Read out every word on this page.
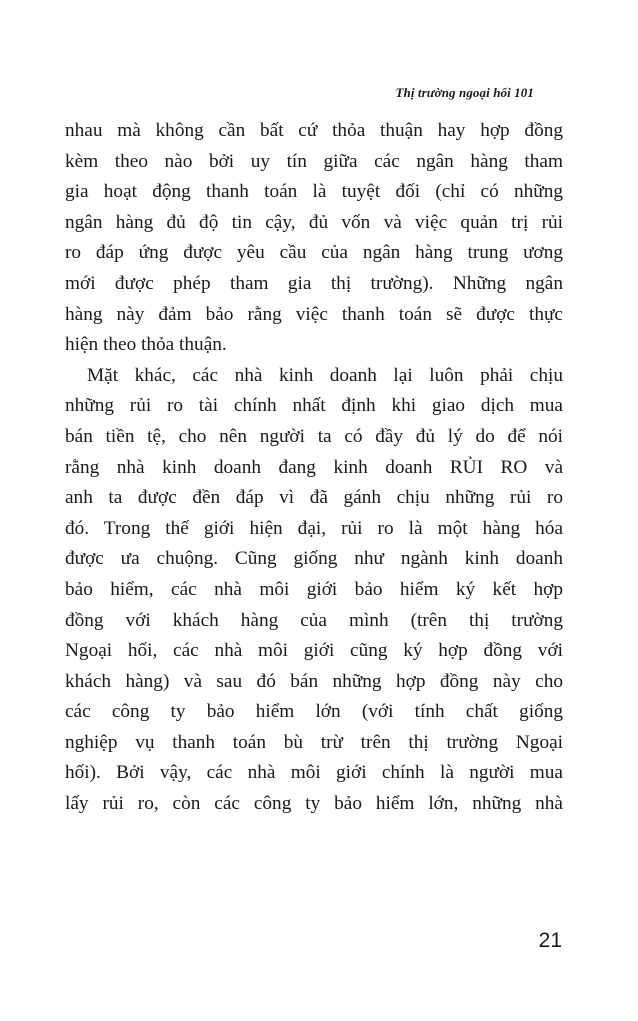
Thị trường ngoại hối 101
nhau mà không cần bất cứ thỏa thuận hay hợp đồng
kèm theo nào bởi uy tín giữa các ngân hàng tham
gia hoạt động thanh toán là tuyệt đối (chỉ có những
ngân hàng đủ độ tin cậy, đủ vốn và việc quản trị rủi
ro đáp ứng được yêu cầu của ngân hàng trung ương
mới được phép tham gia thị trường). Những ngân
hàng này đảm bảo rằng việc thanh toán sẽ được thực
hiện theo thỏa thuận.
Mặt khác, các nhà kinh doanh lại luôn phải chịu
những rủi ro tài chính nhất định khi giao dịch mua
bán tiền tệ, cho nên người ta có đầy đủ lý do để nói
rằng nhà kinh doanh đang kinh doanh RỦI RO và
anh ta được đền đáp vì đã gánh chịu những rủi ro
đó. Trong thế giới hiện đại, rủi ro là một hàng hóa
được ưa chuộng. Cũng giống như ngành kinh doanh
bảo hiểm, các nhà môi giới bảo hiểm ký kết hợp
đồng với khách hàng của mình (trên thị trường
Ngoại hối, các nhà môi giới cũng ký hợp đồng với
khách hàng) và sau đó bán những hợp đồng này cho
các công ty bảo hiểm lớn (với tính chất giống
nghiệp vụ thanh toán bù trừ trên thị trường Ngoại
hối). Bởi vậy, các nhà môi giới chính là người mua
lấy rủi ro, còn các công ty bảo hiểm lớn, những nhà
21
